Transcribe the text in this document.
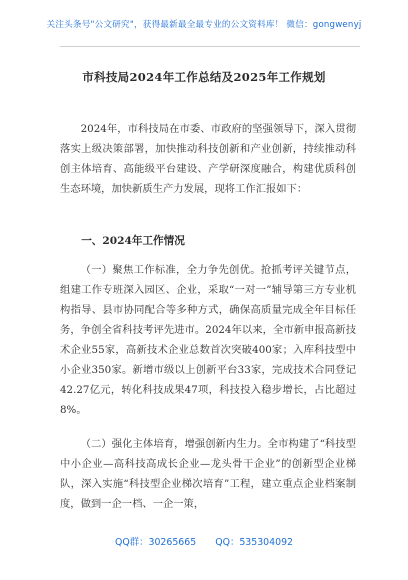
关注头条号"公文研究"，获得最新最全最专业的公文资料库！ 微信：gongwenyj
市科技局2024年工作总结及2025年工作规划

2024年，市科技局在市委、市政府的坚强领导下，深入贯彻落实上级决策部署，加快推动科技创新和产业创新，持续推动科创主体培育、高能级平台建设、产学研深度融合，构建优质科创生态环境，加快新质生产力发展，现将工作汇报如下：

一、2024年工作情况

（一）聚焦工作标准，全力争先创优。抢抓考评关键节点，组建工作专班深入园区、企业，采取“一对一”辅导第三方专业机构指导、县市协同配合等多种方式，确保高质量完成全年目标任务，争创全省科技考评先进市。2024年以来，全市新申报高新技术企业55家，高新技术企业总数首次突破400家；入库科技型中小企业350家。新增市级以上创新平台33家，完成技术合同登记42.27亿元，转化科技成果47项，科技投入稳步增长，占比超过8%。

（二）强化主体培育，增强创新内生力。全市构建了“科技型中小企业—高科技高成长企业—龙头骨干企业”的创新型企业梯队，深入实施“科技型企业梯次培育”工程，建立重点企业档案制度，做到一企一档、一企一策，

QQ群：30265665 QQ：535304092
